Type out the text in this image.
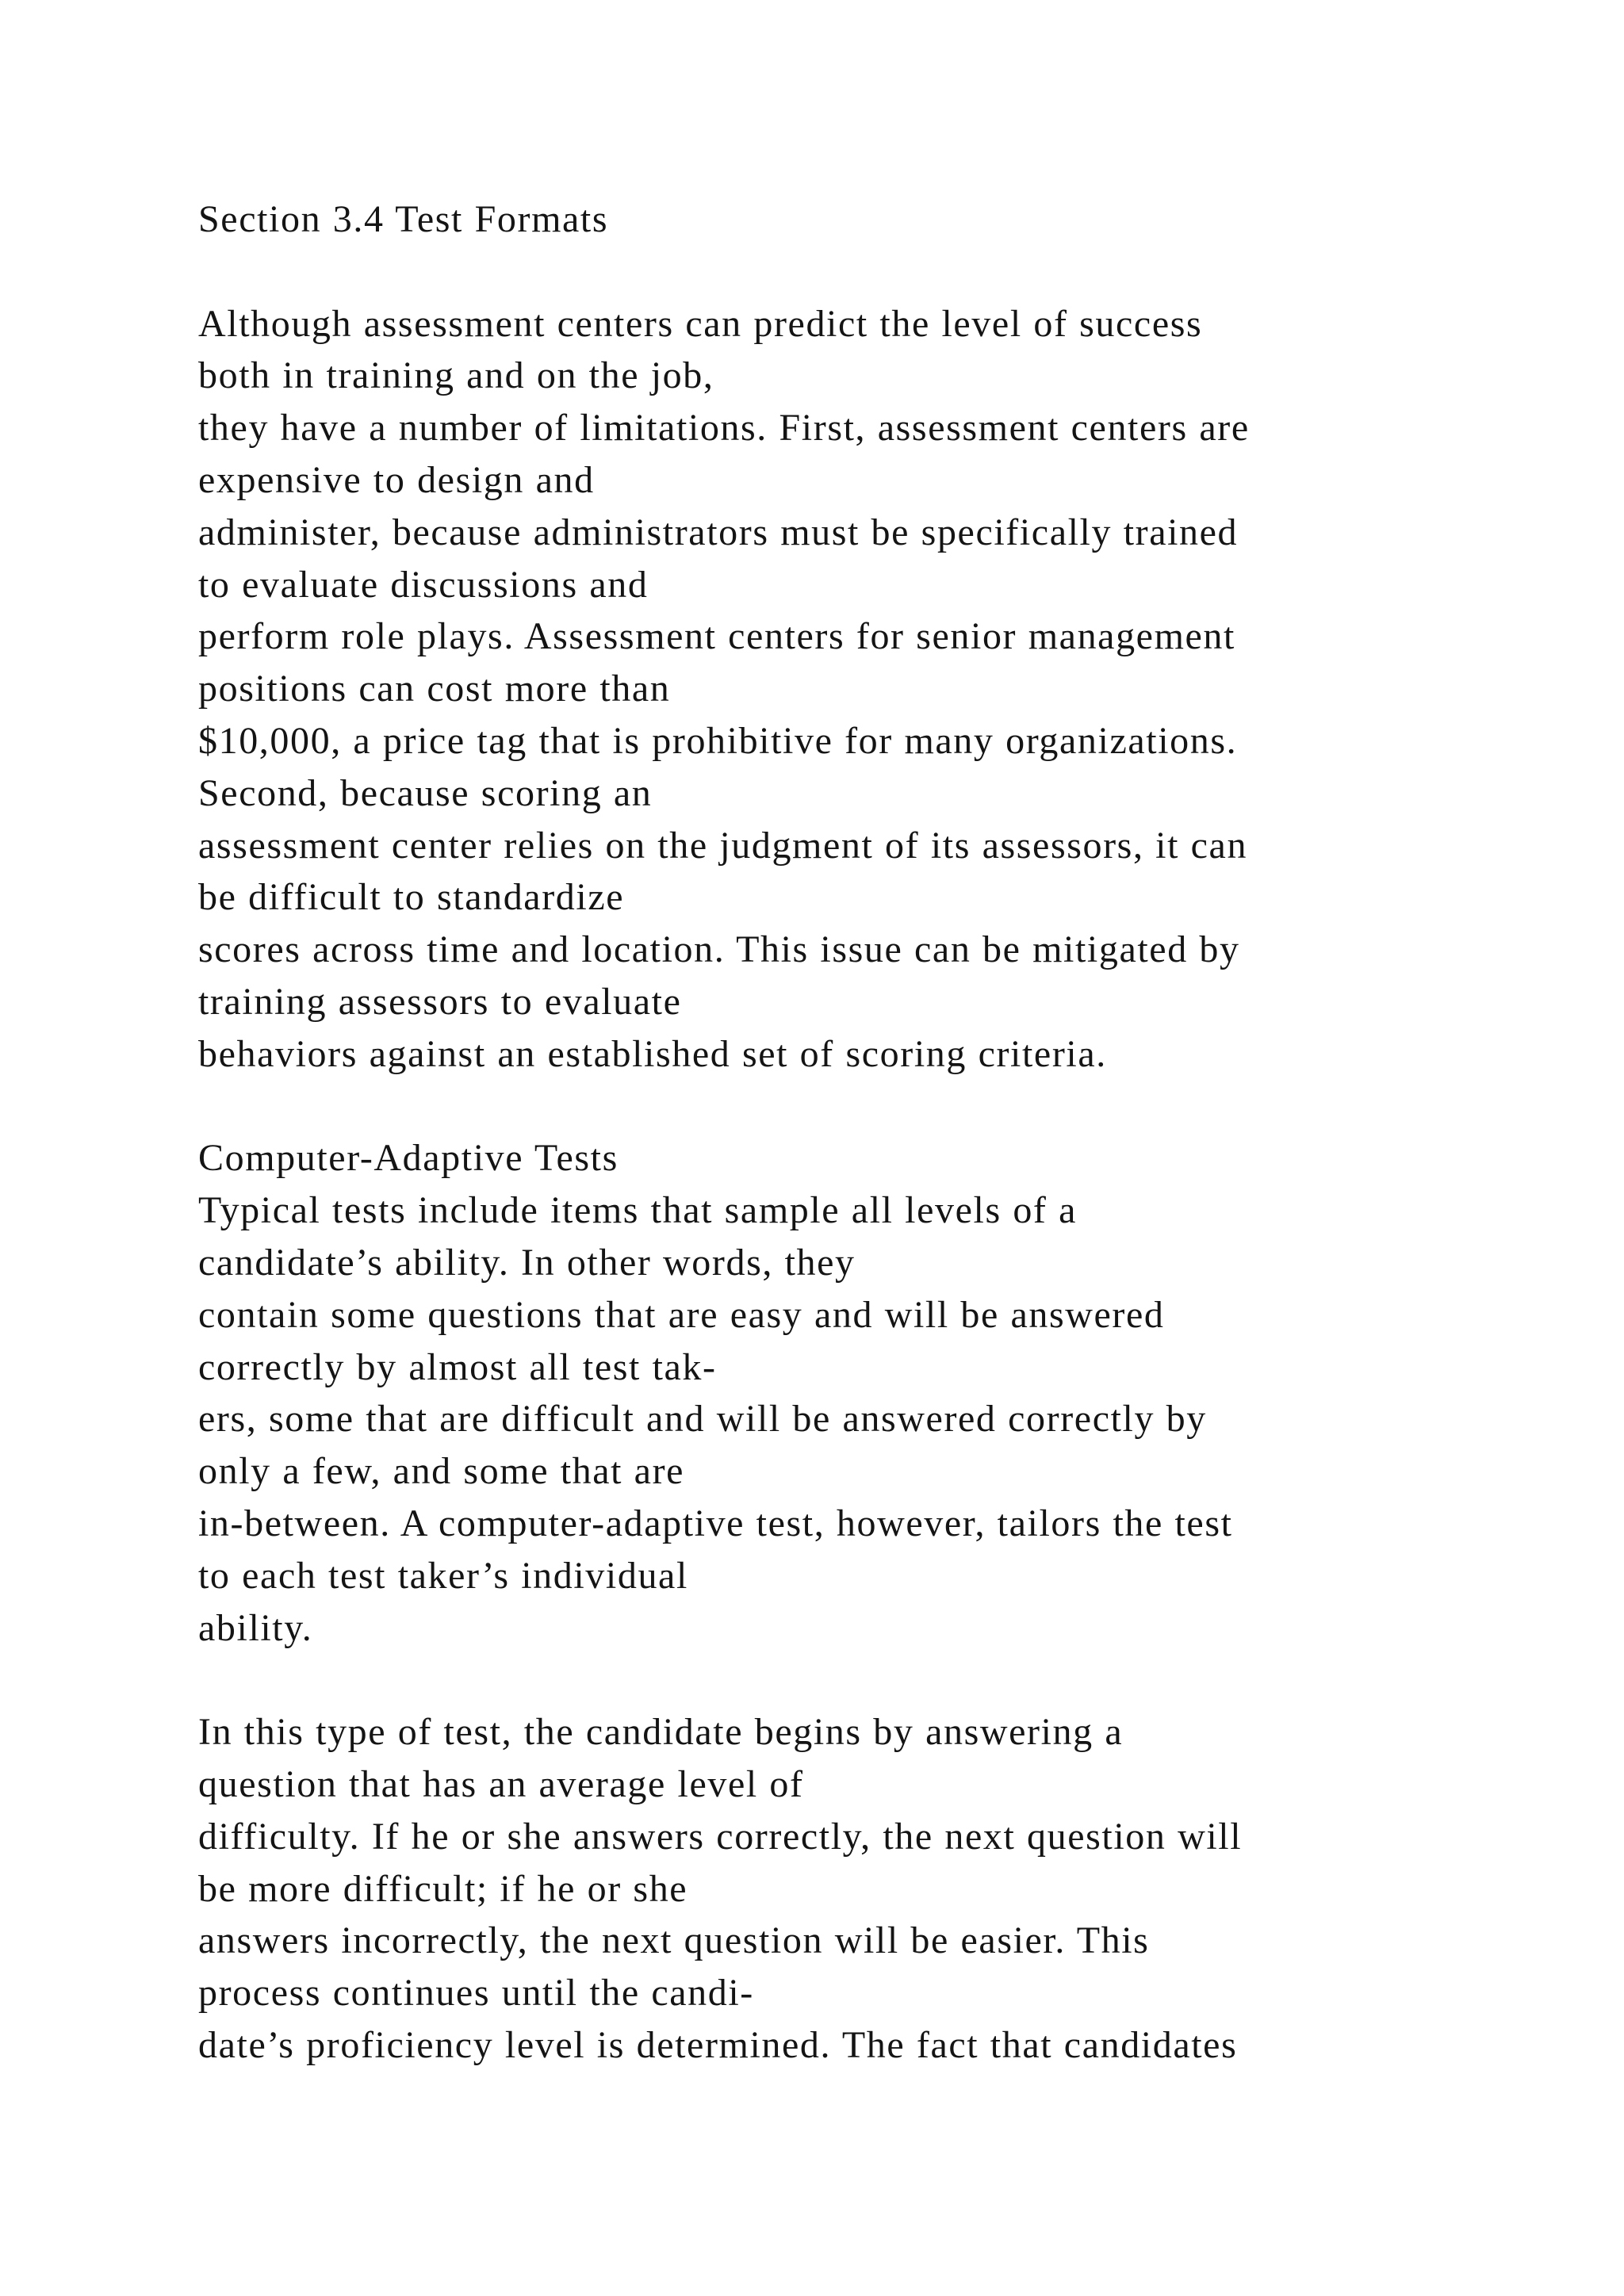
Section 3.4 Test Formats
Although assessment centers can predict the level of success
both in training and on the job,
they have a number of limitations. First, assessment centers are
expensive to design and
administer, because administrators must be specifically trained
to evaluate discussions and
perform role plays. Assessment centers for senior management
positions can cost more than
$10,000, a price tag that is prohibitive for many organizations.
Second, because scoring an
assessment center relies on the judgment of its assessors, it can
be difficult to standardize
scores across time and location. This issue can be mitigated by
training assessors to evaluate
behaviors against an established set of scoring criteria.
Computer-Adaptive Tests
Typical tests include items that sample all levels of a
candidate’s ability. In other words, they
contain some questions that are easy and will be answered
correctly by almost all test tak-
ers, some that are difficult and will be answered correctly by
only a few, and some that are
in-between. A computer-adaptive test, however, tailors the test
to each test taker’s individual
ability.
In this type of test, the candidate begins by answering a
question that has an average level of
difficulty. If he or she answers correctly, the next question will
be more difficult; if he or she
answers incorrectly, the next question will be easier. This
process continues until the candi-
date’s proficiency level is determined. The fact that candidates
